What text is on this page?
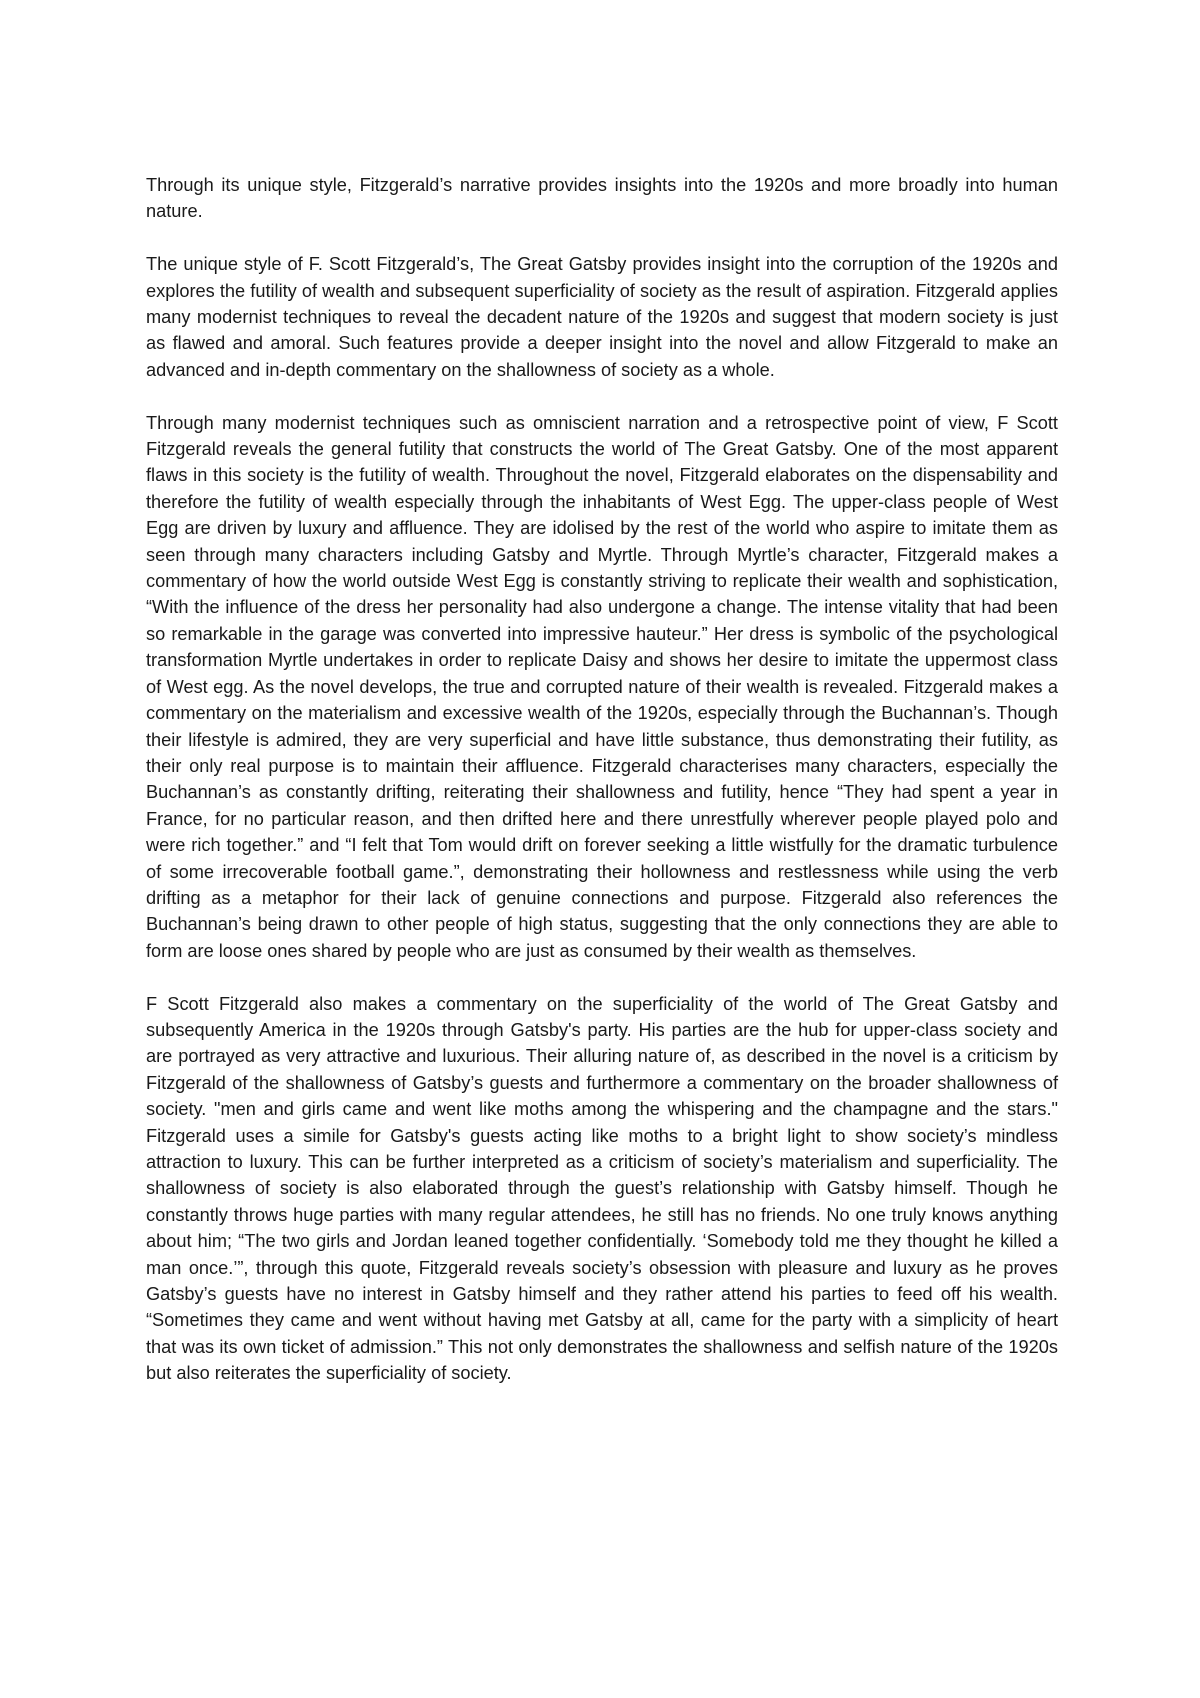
Through its unique style, Fitzgerald’s narrative provides insights into the 1920s and more broadly into human nature.

The unique style of F. Scott Fitzgerald’s, The Great Gatsby provides insight into the corruption of the 1920s and explores the futility of wealth and subsequent superficiality of society as the result of aspiration. Fitzgerald applies many modernist techniques to reveal the decadent nature of the 1920s and suggest that modern society is just as flawed and amoral. Such features provide a deeper insight into the novel and allow Fitzgerald to make an advanced and in-depth commentary on the shallowness of society as a whole.

Through many modernist techniques such as omniscient narration and a retrospective point of view, F Scott Fitzgerald reveals the general futility that constructs the world of The Great Gatsby. One of the most apparent flaws in this society is the futility of wealth. Throughout the novel, Fitzgerald elaborates on the dispensability and therefore the futility of wealth especially through the inhabitants of West Egg. The upper-class people of West Egg are driven by luxury and affluence. They are idolised by the rest of the world who aspire to imitate them as seen through many characters including Gatsby and Myrtle. Through Myrtle’s character, Fitzgerald makes a commentary of how the world outside West Egg is constantly striving to replicate their wealth and sophistication, “With the influence of the dress her personality had also undergone a change. The intense vitality that had been so remarkable in the garage was converted into impressive hauteur.” Her dress is symbolic of the psychological transformation Myrtle undertakes in order to replicate Daisy and shows her desire to imitate the uppermost class of West egg. As the novel develops, the true and corrupted nature of their wealth is revealed. Fitzgerald makes a commentary on the materialism and excessive wealth of the 1920s, especially through the Buchannan’s. Though their lifestyle is admired, they are very superficial and have little substance, thus demonstrating their futility, as their only real purpose is to maintain their affluence. Fitzgerald characterises many characters, especially the Buchannan’s as constantly drifting, reiterating their shallowness and futility, hence “They had spent a year in France, for no particular reason, and then drifted here and there unrestfully wherever people played polo and were rich together.” and “I felt that Tom would drift on forever seeking a little wistfully for the dramatic turbulence of some irrecoverable football game.”, demonstrating their hollowness and restlessness while using the verb drifting as a metaphor for their lack of genuine connections and purpose. Fitzgerald also references the Buchannan’s being drawn to other people of high status, suggesting that the only connections they are able to form are loose ones shared by people who are just as consumed by their wealth as themselves.

F Scott Fitzgerald also makes a commentary on the superficiality of the world of The Great Gatsby and subsequently America in the 1920s through Gatsby's party. His parties are the hub for upper-class society and are portrayed as very attractive and luxurious. Their alluring nature of, as described in the novel is a criticism by Fitzgerald of the shallowness of Gatsby’s guests and furthermore a commentary on the broader shallowness of society. "men and girls came and went like moths among the whispering and the champagne and the stars." Fitzgerald uses a simile for Gatsby's guests acting like moths to a bright light to show society’s mindless attraction to luxury. This can be further interpreted as a criticism of society’s materialism and superficiality. The shallowness of society is also elaborated through the guest’s relationship with Gatsby himself. Though he constantly throws huge parties with many regular attendees, he still has no friends. No one truly knows anything about him; “The two girls and Jordan leaned together confidentially. ‘Somebody told me they thought he killed a man once.’”, through this quote, Fitzgerald reveals society’s obsession with pleasure and luxury as he proves Gatsby’s guests have no interest in Gatsby himself and they rather attend his parties to feed off his wealth. “Sometimes they came and went without having met Gatsby at all, came for the party with a simplicity of heart that was its own ticket of admission.” This not only demonstrates the shallowness and selfish nature of the 1920s but also reiterates the superficiality of society.
